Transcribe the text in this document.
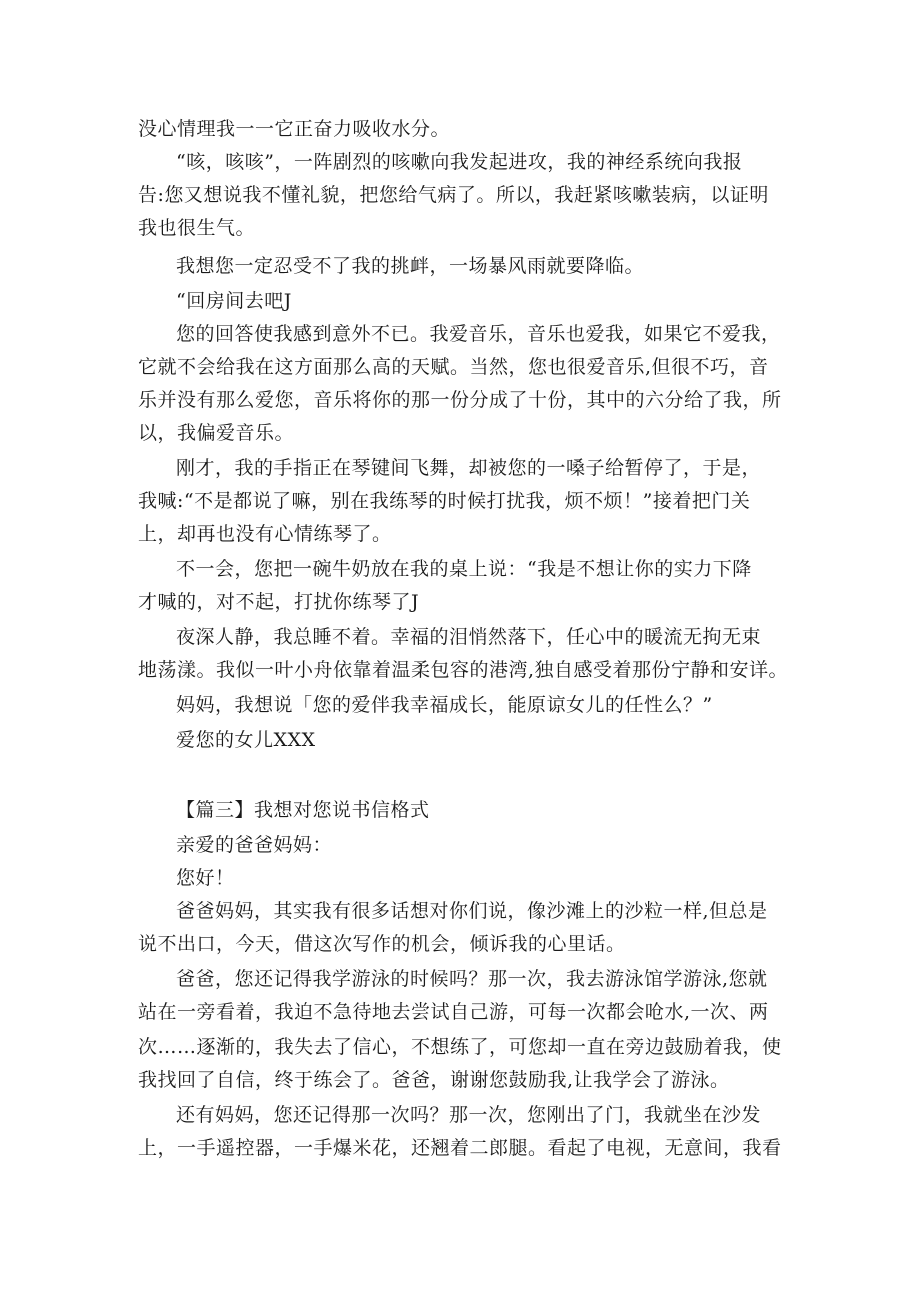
没心情理我一一它正奋力吸收水分。
“咳，咳咳”，一阵剧烈的咳嗽向我发起进攻，我的神经系统向我报
告:您又想说我不懂礼貌，把您给气病了。所以，我赶紧咳嗽装病，以证明
我也很生气。
我想您一定忍受不了我的挑衅，一场暴风雨就要降临。
“回房间去吧J
您的回答使我感到意外不已。我爱音乐，音乐也爱我，如果它不爱我，
它就不会给我在这方面那么高的天赋。当然，您也很爱音乐,但很不巧，音
乐并没有那么爱您，音乐将你的那一份分成了十份，其中的六分给了我，所
以，我偏爱音乐。
刚才，我的手指正在琴键间飞舞，却被您的一嗓子给暂停了，于是，
我喊:“不是都说了嘛，别在我练琴的时候打扰我，烦不烦！”接着把门关
上，却再也没有心情练琴了。
不一会，您把一碗牛奶放在我的桌上说：“我是不想让你的实力下降
才喊的，对不起，打扰你练琴了J
夜深人静，我总睡不着。幸福的泪悄然落下，任心中的暖流无拘无束
地荡漾。我似一叶小舟依靠着温柔包容的港湾,独自感受着那份宁静和安详。
妈妈，我想说「您的爱伴我幸福成长，能原谅女儿的任性么？”
爱您的女儿XXX
【篇三】我想对您说书信格式
亲爱的爸爸妈妈：
您好！
爸爸妈妈，其实我有很多话想对你们说，像沙滩上的沙粒一样,但总是
说不出口，今天，借这次写作的机会，倾诉我的心里话。
爸爸，您还记得我学游泳的时候吗？那一次，我去游泳馆学游泳,您就
站在一旁看着，我迫不急待地去尝试自己游，可每一次都会呛水,一次、两
次……逐渐的，我失去了信心，不想练了，可您却一直在旁边鼓励着我，使
我找回了自信，终于练会了。爸爸，谢谢您鼓励我,让我学会了游泳。
还有妈妈，您还记得那一次吗？那一次，您刚出了门，我就坐在沙发
上，一手遥控器，一手爆米花，还翘着二郎腿。看起了电视，无意间，我看
